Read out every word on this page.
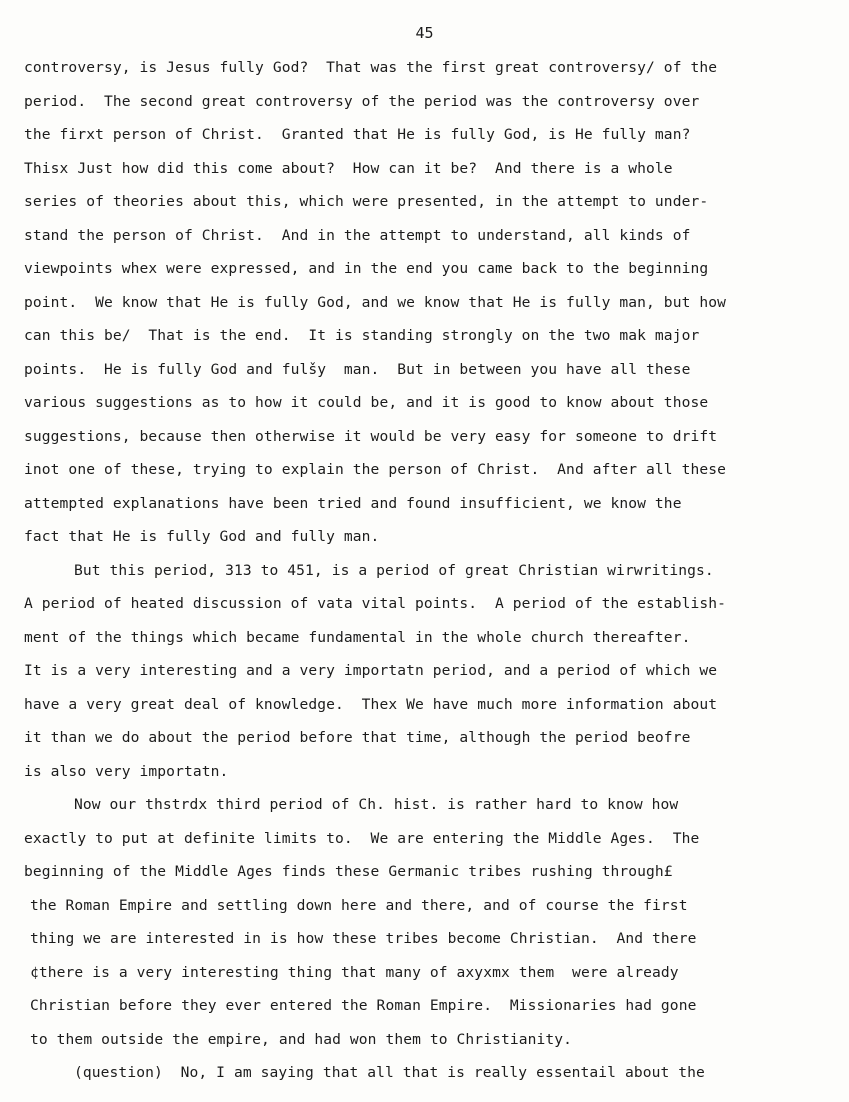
45
controversy, is Jesus fully God?  That was the first great controversy/ of the
period.  The second great controversy of the period was the controversy over
the firxt person of Christ.  Granted that He is fully God, is He fully man?
Thisx Just how did this come about?  How can it be?  And there is a whole
series of theories about this, which were presented, in the attempt to under-
stand the person of Christ.  And in the attempt to understand, all kinds of
viewpoints whex were expressed, and in the end you came back to the beginning
point.  We know that He is fully God, and we know that He is fully man, but how
can this be/  That is the end.  It is standing strongly on the two mak major
points.  He is fully God and fulšy  man.  But in between you have all these
various suggestions as to how it could be, and it is good to know about those
suggestions, because then otherwise it would be very easy for someone to drift
inot one of these, trying to explain the person of Christ.  And after all these
attempted explanations have been tried and found insufficient, we know the
fact that He is fully God and fully man.
But this period, 313 to 451, is a period of great Christian wirwritings.
A period of heated discussion of vata vital points.  A period of the establish-
ment of the things which became fundamental in the whole church thereafter.
It is a very interesting and a very importatn period, and a period of which we
have a very great deal of knowledge.  Thex We have much more information about
it than we do about the period before that time, although the period beofre
is also very importatn.
Now our thstrdx third period of Ch. hist. is rather hard to know how
exactly to put at definite limits to.  We are entering the Middle Ages.  The
beginning of the Middle Ages finds these Germanic tribes rushing through£
the Roman Empire and settling down here and there, and of course the first
thing we are interested in is how these tribes become Christian.  And there
¢there is a very interesting thing that many of axyxmx them  were already
Christian before they ever entered the Roman Empire.  Missionaries had gone
to them outside the empire, and had won them to Christianity.
(question)  No, I am saying that all that is really essentail about the
